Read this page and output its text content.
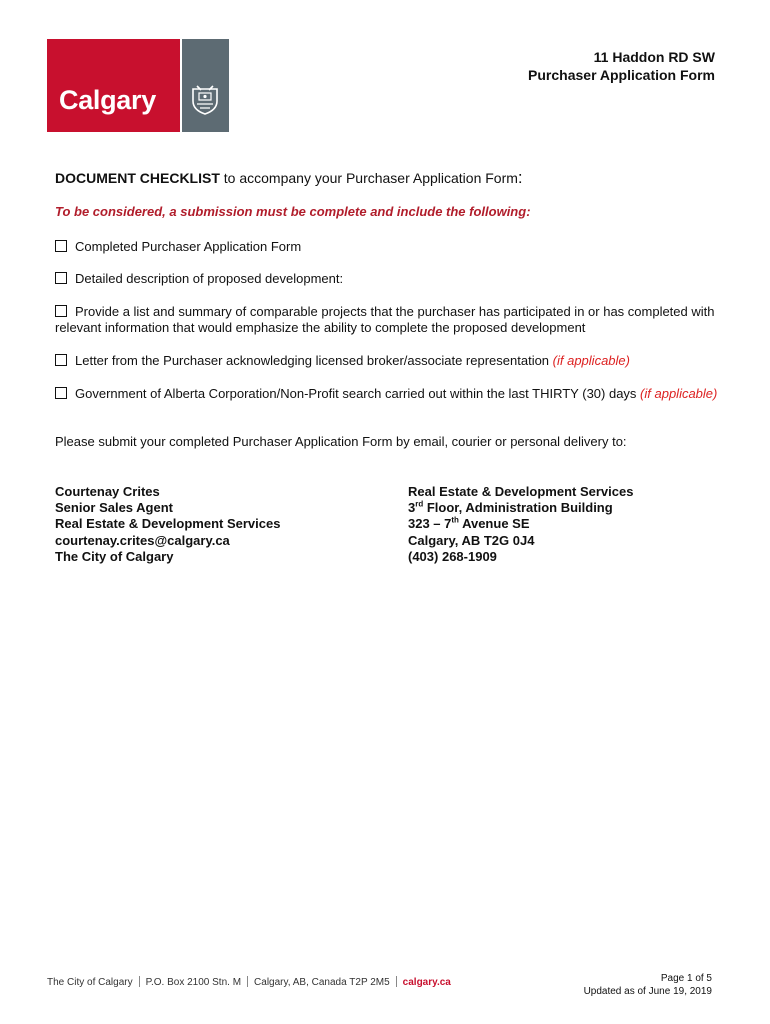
Calgary
11 Haddon RD SW
Purchaser Application Form
DOCUMENT CHECKLIST to accompany your Purchaser Application Form:
To be considered, a submission must be complete and include the following:
Completed Purchaser Application Form
Detailed description of proposed development:
Provide a list and summary of comparable projects that the purchaser has participated in or has completed with relevant information that would emphasize the ability to complete the proposed development
Letter from the Purchaser acknowledging licensed broker/associate representation (if applicable)
Government of Alberta Corporation/Non-Profit search carried out within the last THIRTY (30) days (if applicable)
Please submit your completed Purchaser Application Form by email, courier or personal delivery to:
Courtenay Crites
Senior Sales Agent
Real Estate & Development Services
courtenay.crites@calgary.ca
The City of Calgary
Real Estate & Development Services
3rd Floor, Administration Building
323 – 7th Avenue SE
Calgary, AB T2G 0J4
(403) 268-1909
The City of Calgary P.O. Box 2100 Stn. M Calgary, AB, Canada T2P 2M5 calgary.ca	Page 1 of 5
Updated as of June 19, 2019
